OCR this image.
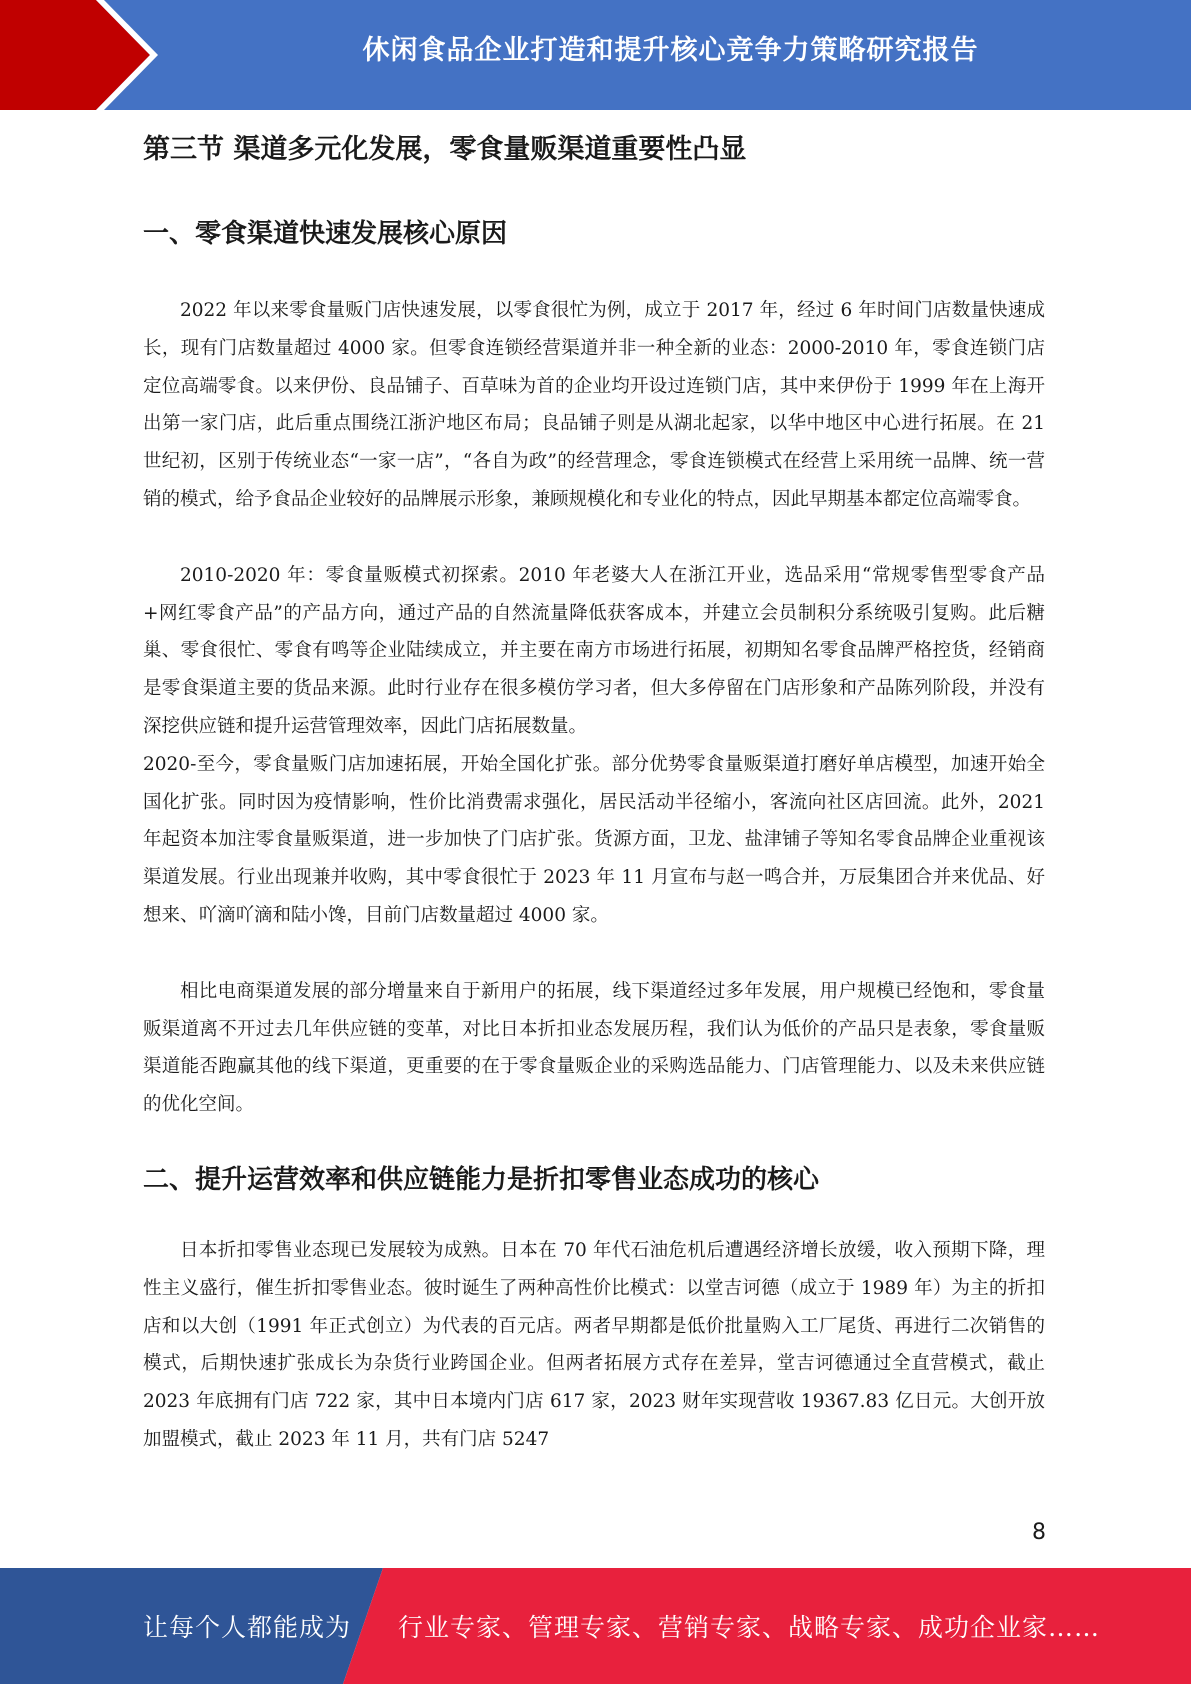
休闲食品企业打造和提升核心竞争力策略研究报告
第三节 渠道多元化发展，零食量贩渠道重要性凸显
一、零食渠道快速发展核心原因

2022 年以来零食量贩门店快速发展，以零食很忙为例，成立于 2017 年，经过 6 年时间门店数量快速成长，现有门店数量超过 4000 家。但零食连锁经营渠道并非一种全新的业态：2000-2010 年，零食连锁门店定位高端零食。以来伊份、良品铺子、百草味为首的企业均开设过连锁门店，其中来伊份于 1999 年在上海开出第一家门店，此后重点围绕江浙沪地区布局；良品铺子则是从湖北起家，以华中地区中心进行拓展。在 21 世纪初，区别于传统业态“一家一店”，“各自为政”的经营理念，零食连锁模式在经营上采用统一品牌、统一营销的模式，给予食品企业较好的品牌展示形象，兼顾规模化和专业化的特点，因此早期基本都定位高端零食。

2010-2020 年：零食量贩模式初探索。2010 年老婆大人在浙江开业，选品采用“常规零售型零食产品+网红零食产品”的产品方向，通过产品的自然流量降低获客成本，并建立会员制积分系统吸引复购。此后糖巢、零食很忙、零食有鸣等企业陆续成立，并主要在南方市场进行拓展，初期知名零食品牌严格控货，经销商是零食渠道主要的货品来源。此时行业存在很多模仿学习者，但大多停留在门店形象和产品陈列阶段，并没有深挖供应链和提升运营管理效率，因此门店拓展数量。

2020-至今，零食量贩门店加速拓展，开始全国化扩张。部分优势零食量贩渠道打磨好单店模型，加速开始全国化扩张。同时因为疫情影响，性价比消费需求强化，居民活动半径缩小，客流向社区店回流。此外，2021 年起资本加注零食量贩渠道，进一步加快了门店扩张。货源方面，卫龙、盐津铺子等知名零食品牌企业重视该渠道发展。行业出现兼并收购，其中零食很忙于 2023 年 11 月宣布与赵一鸣合并，万辰集团合并来优品、好想来、吖滴吖滴和陆小馋，目前门店数量超过 4000 家。

相比电商渠道发展的部分增量来自于新用户的拓展，线下渠道经过多年发展，用户规模已经饱和，零食量贩渠道离不开过去几年供应链的变革，对比日本折扣业态发展历程，我们认为低价的产品只是表象，零食量贩渠道能否跑赢其他的线下渠道，更重要的在于零食量贩企业的采购选品能力、门店管理能力、以及未来供应链的优化空间。

二、提升运营效率和供应链能力是折扣零售业态成功的核心

日本折扣零售业态现已发展较为成熟。日本在 70 年代石油危机后遭遇经济增长放缓，收入预期下降，理性主义盛行，催生折扣零售业态。彼时诞生了两种高性价比模式：以堂吉诃德（成立于 1989 年）为主的折扣店和以大创（1991 年正式创立）为代表的百元店。两者早期都是低价批量购入工厂尾货、再进行二次销售的模式，后期快速扩张成长为杂货行业跨国企业。但两者拓展方式存在差异，堂吉诃德通过全直营模式，截止 2023 年底拥有门店 722 家，其中日本境内门店 617 家，2023 财年实现营收 19367.83 亿日元。大创开放加盟模式，截止 2023 年 11 月，共有门店 5247

8
让每个人都能成为 行业专家、管理专家、营销专家、战略专家、成功企业家……
